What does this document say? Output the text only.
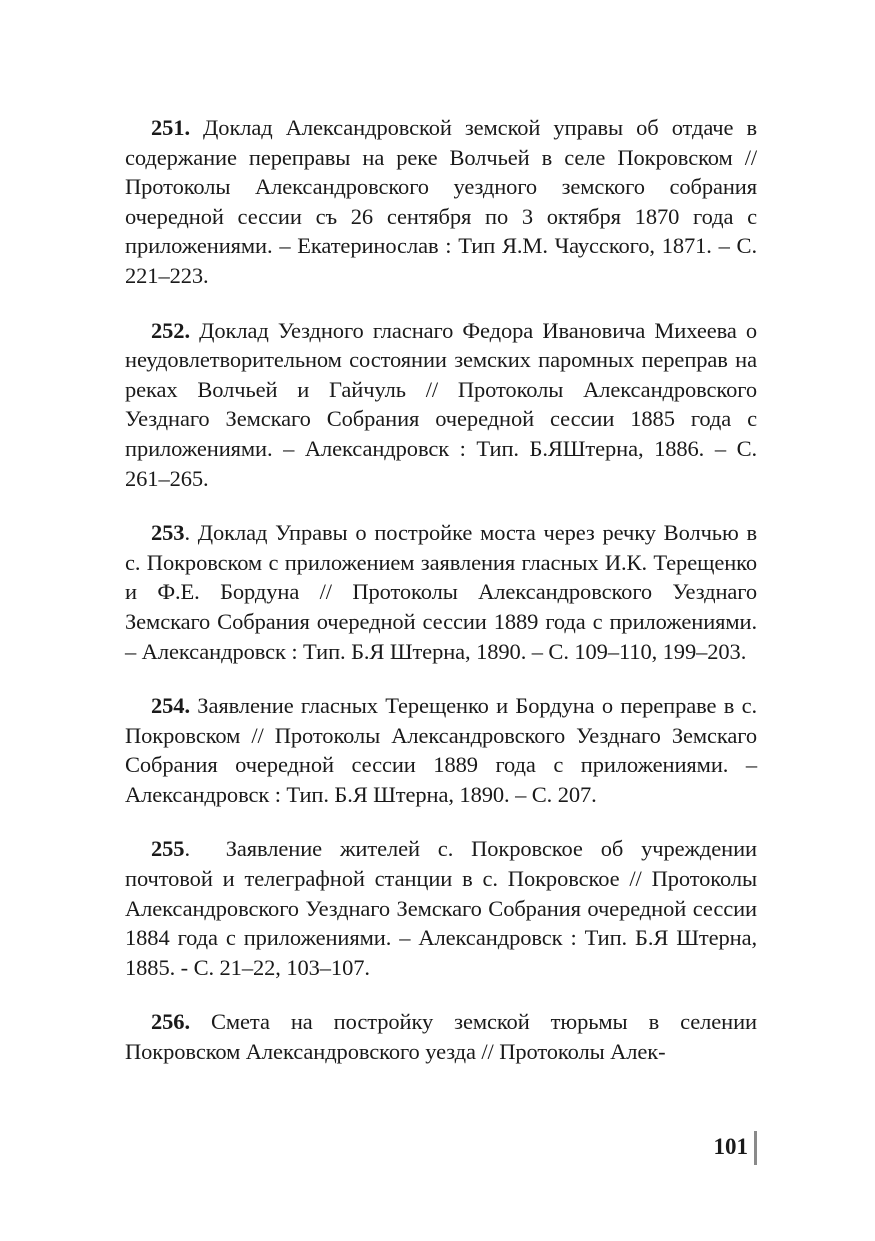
251. Доклад Александровской земской управы об отдаче в содержание переправы на реке Волчьей в селе Покровском // Протоколы Александровского уездного земского собрания очередной сессии съ 26 сентября по 3 октября 1870 года с приложениями. – Екатеринослав : Тип Я.М. Чаусского, 1871. – С. 221–223.

252. Доклад Уездного гласнаго Федора Ивановича Михеева о неудовлетворительном состоянии земских паромных переправ на реках Волчьей и Гайчуль // Протоколы Александровского Уезднаго Земскаго Собрания очередной сессии 1885 года с приложениями. – Александровск : Тип. Б.ЯШтерна, 1886. – С. 261–265.

253. Доклад Управы о постройке моста через речку Волчью в с. Покровском с приложением заявления гласных И.К. Терещенко и Ф.Е. Бордуна // Протоколы Александровского Уезднаго Земскаго Собрания очередной сессии 1889 года с приложениями. – Александровск : Тип. Б.Я Штерна, 1890. – С. 109–110, 199–203.

254. Заявление гласных Терещенко и Бордуна о переправе в с. Покровском // Протоколы Александровского Уезднаго Земскаго Собрания очередной сессии 1889 года с приложениями. – Александровск : Тип. Б.Я Штерна, 1890. – С. 207.

255.  Заявление жителей с. Покровское об учреждении почтовой и телеграфной станции в с. Покровское // Протоколы Александровского Уезднаго Земскаго Собрания очередной сессии 1884 года с приложениями. – Александровск : Тип. Б.Я Штерна, 1885. - С. 21–22, 103–107.

256. Смета на постройку земской тюрьмы в селении Покровском Александровского уезда // Протоколы Алек-

101
